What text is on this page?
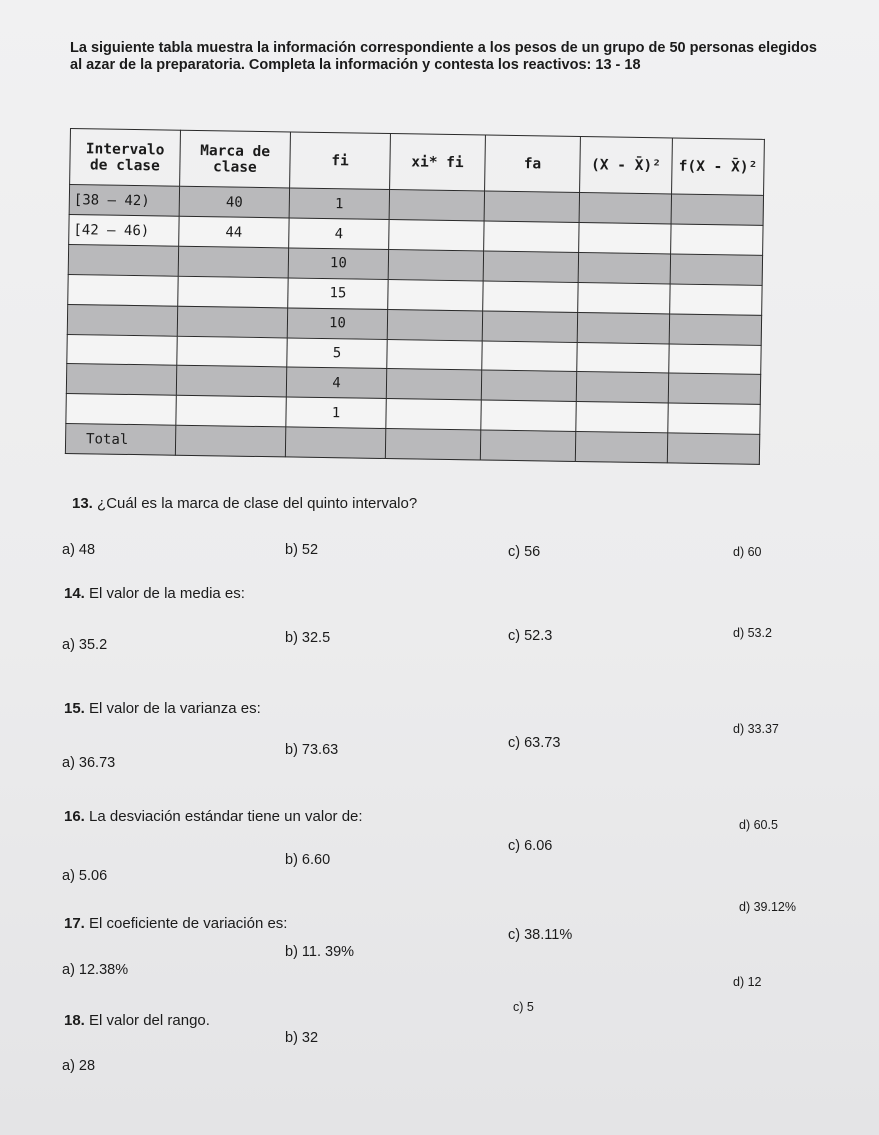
La siguiente tabla muestra la información correspondiente a los pesos de un grupo de 50 personas elegidos
al azar de la preparatoria. Completa la información y contesta los reactivos: 13 - 18
Intervalo de clase	Marca de clase	fi	xi* fi	fa	(X - X̄)²	f(X - X̄)²
[38 – 42)	40	1				
[42 – 46)	44	4				
		10				
		15				
		10				
		5				
		4				
		1				
Total						
13. ¿Cuál es la marca de clase del quinto intervalo?
a) 48	b) 52	c) 56	d) 60
14. El valor de la media es:
a) 35.2	b) 32.5	c) 52.3	d) 53.2
15. El valor de la varianza es:
a) 36.73
b) 73.63	c) 63.73
d) 33.37
16. La desviación estándar tiene un valor de:
a) 5.06
b) 6.60
c) 6.06
d) 60.5
17. El coeficiente de variación es:
a) 12.38%
b) 11. 39%
c) 38.11%
d) 39.12%
18. El valor del rango.
a) 28
b) 32
c) 5
d) 12
